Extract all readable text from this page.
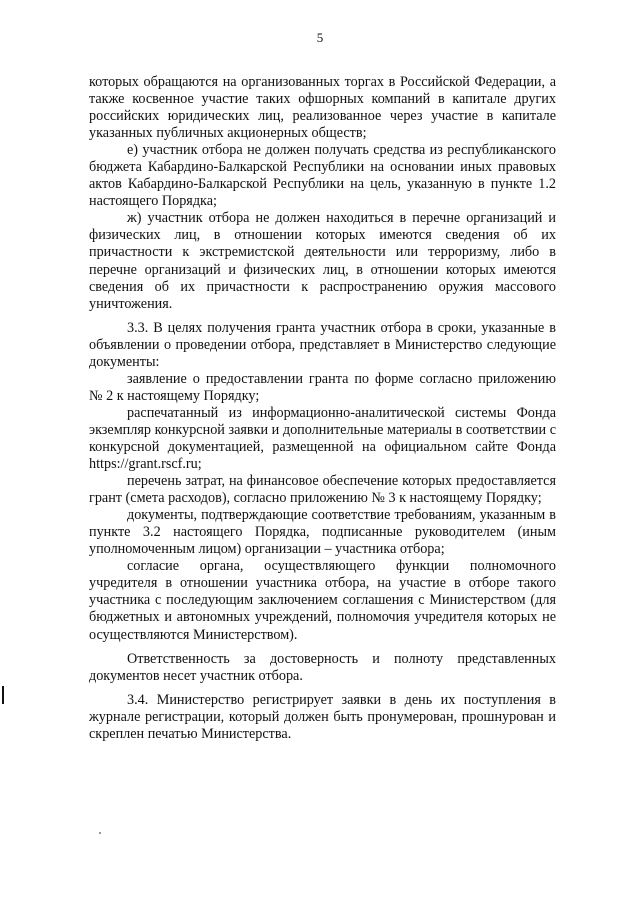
5

которых обращаются на организованных торгах в Российской Федерации, а также косвенное участие таких офшорных компаний в капитале других российских юридических лиц, реализованное через участие в капитале указанных публичных акционерных обществ;

е) участник отбора не должен получать средства из республиканского бюджета Кабардино-Балкарской Республики на основании иных правовых актов Кабардино-Балкарской Республики на цель, указанную в пункте 1.2 настоящего Порядка;

ж) участник отбора не должен находиться в перечне организаций и физических лиц, в отношении которых имеются сведения об их причастности к экстремистской деятельности или терроризму, либо в перечне организаций и физических лиц, в отношении которых имеются сведения об их причастности к распространению оружия массового уничтожения.

3.3. В целях получения гранта участник отбора в сроки, указанные в объявлении о проведении отбора, представляет в Министерство следующие документы:

заявление о предоставлении гранта по форме согласно приложению № 2 к настоящему Порядку;

распечатанный из информационно-аналитической системы Фонда экземпляр конкурсной заявки и дополнительные материалы в соответствии с конкурсной документацией, размещенной на официальном сайте Фонда https://grant.rscf.ru;

перечень затрат, на финансовое обеспечение которых предоставляется грант (смета расходов), согласно приложению № 3 к настоящему Порядку;

документы, подтверждающие соответствие требованиям, указанным в пункте 3.2 настоящего Порядка, подписанные руководителем (иным уполномоченным лицом) организации – участника отбора;

согласие органа, осуществляющего функции полномочного учредителя в отношении участника отбора, на участие в отборе такого участника с последующим заключением соглашения с Министерством (для бюджетных и автономных учреждений, полномочия учредителя которых не осуществляются Министерством).

Ответственность за достоверность и полноту представленных документов несет участник отбора.

3.4. Министерство регистрирует заявки в день их поступления в журнале регистрации, который должен быть пронумерован, прошнурован и скреплен печатью Министерства.
